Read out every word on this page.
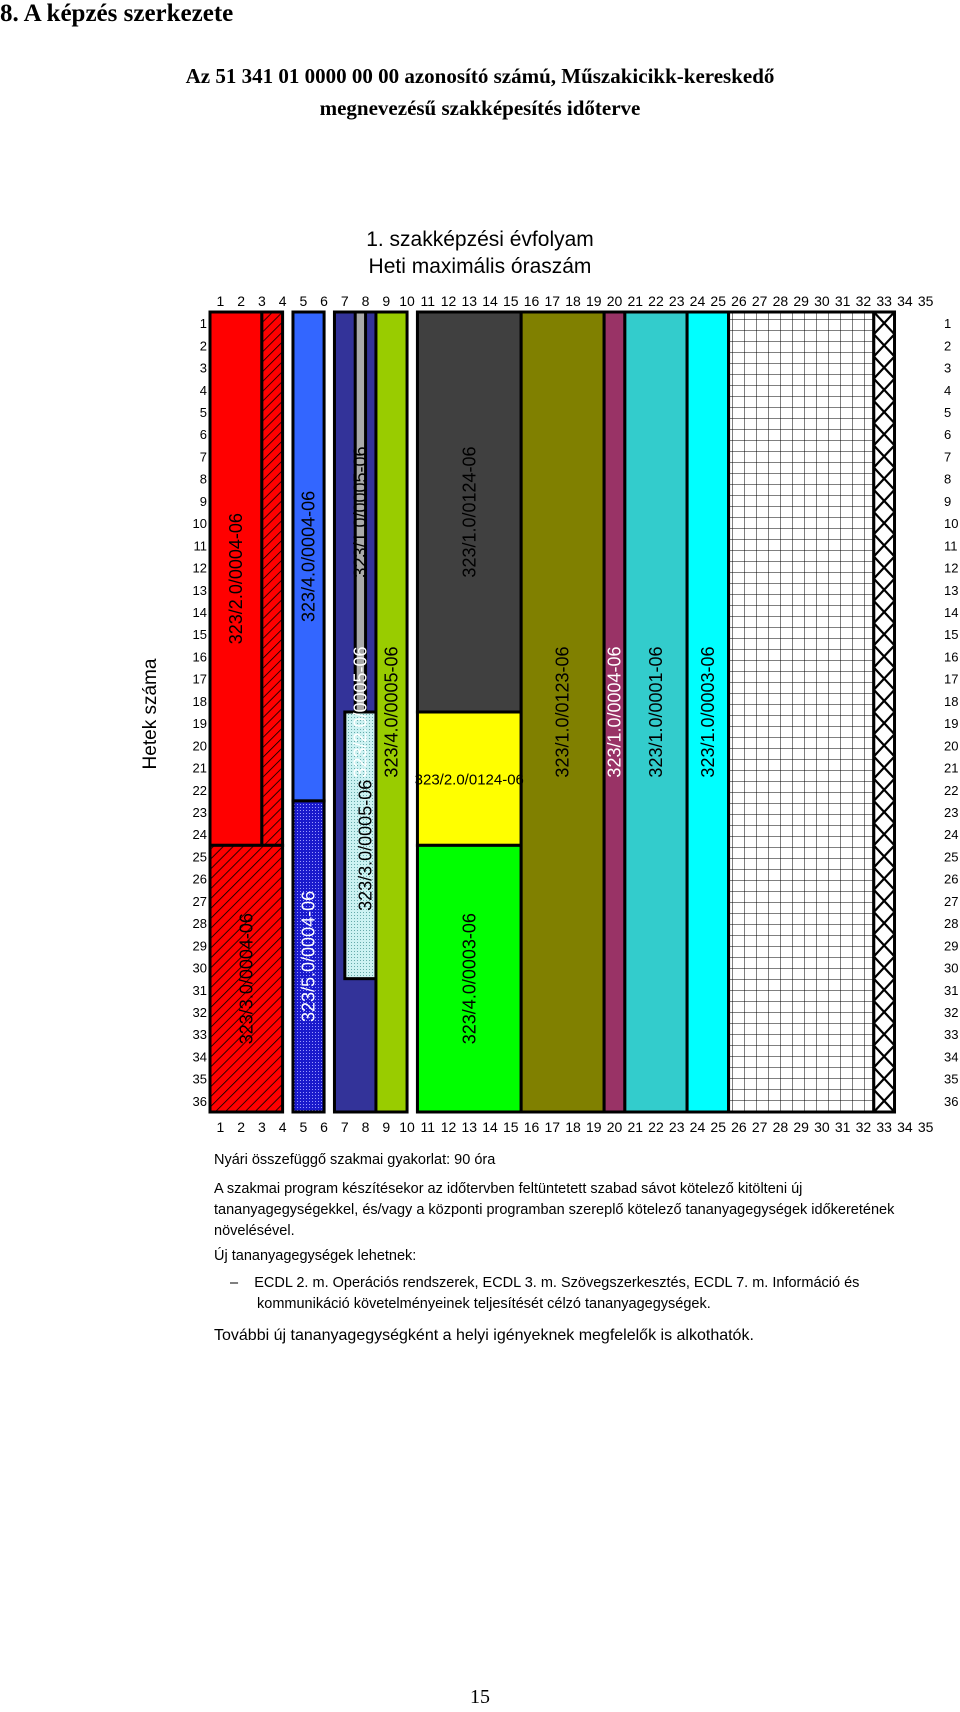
8. A képzés szerkezete
Az 51 341 01 0000 00 00 azonosító számú, Műszakicikk-kereskedő
megnevezésű szakképesítés időterve
1. szakképzési évfolyam
Heti maximális óraszám
1 2 3 4 5 6 7 8 9 10 11 12 13 14 15 16 17 18 19 20 21 22 23 24 25 26 27 28 29 30 31 32 33 34 35
1 2 3 4 5 6 7 8 9 10 11 12 13 14 15 16 17 18 19 20 21 22 23 24 25 26 27 28 29 30 31 32 33 34 35
1
2
3
4
5
6
7
8
9
10
11
12
13
14
15
16
17
18
19
20
21
22
23
24
25
26
27
28
29
30
31
32
33
34
35
36
1
2
3
4
5
6
7
8
9
10
11
12
13
14
15
16
17
18
19
20
21
22
23
24
25
26
27
28
29
30
31
32
33
34
35
36
323/2.0/0004-06
323/3.0/0004-06
323/4.0/0004-06
323/5.0/0004-06
323/2.0/0005-06
323/1.0/0005-06
323/3.0/0005-06
323/4.0/0005-06
323/1.0/0124-06
323/2.0/0124-06
323/4.0/0003-06
323/1.0/0123-06 323/1.0/0004-06 323/1.0/0001-06 323/1.0/0003-06
Hetek száma

Nyári összefüggő szakmai gyakorlat: 90 óra

A szakmai program készítésekor az időtervben feltüntetett szabad sávot kötelező kitölteni új tananyagegységekkel, és/vagy a központi programban szereplő kötelező tananyagegységek időkeretének növelésével.

Új tananyagegységek lehetnek:

– ECDL 2. m. Operációs rendszerek, ECDL 3. m. Szövegszerkesztés, ECDL 7. m. Információ és kommunikáció követelményeinek teljesítését célzó tananyagegységek.

További új tananyagegységként a helyi igényeknek megfelelők is alkothatók.

15
